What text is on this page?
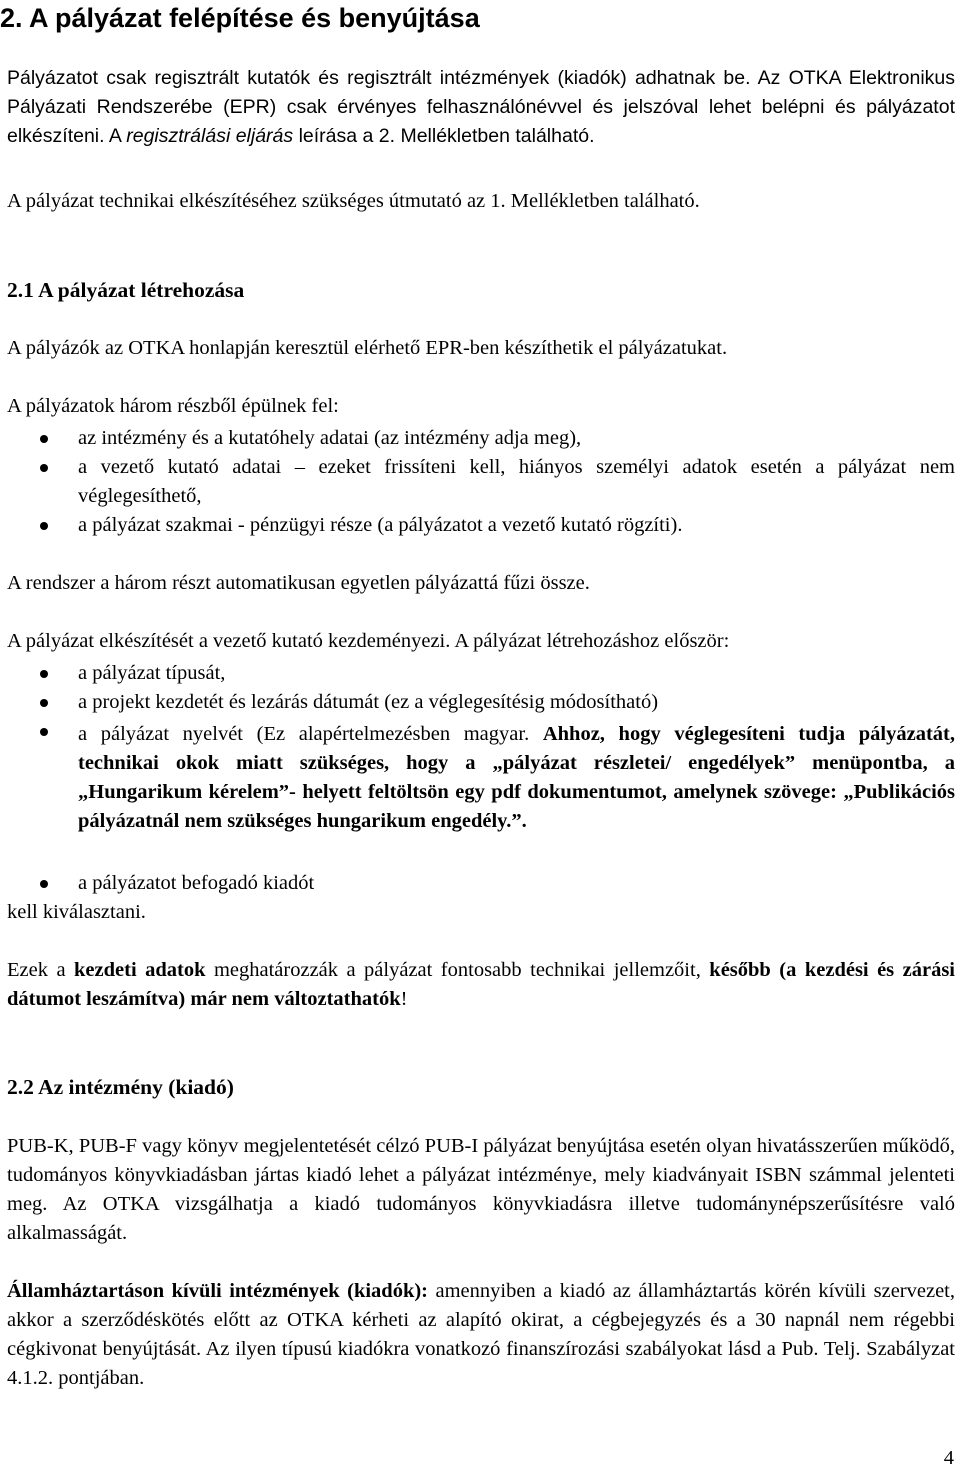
2. A pályázat felépítése és benyújtása

Pályázatot csak regisztrált kutatók és regisztrált intézmények (kiadók) adhatnak be. Az OTKA Elektronikus Pályázati Rendszerébe (EPR) csak érvényes felhasználónévvel és jelszóval lehet belépni és pályázatot elkészíteni. A regisztrálási eljárás leírása a 2. Mellékletben található.

A pályázat technikai elkészítéséhez szükséges útmutató az 1. Mellékletben található.

2.1 A pályázat létrehozása

A pályázók az OTKA honlapján keresztül elérhető EPR-ben készíthetik el pályázatukat.

A pályázatok három részből épülnek fel:

az intézmény és a kutatóhely adatai (az intézmény adja meg),

a vezető kutató adatai – ezeket frissíteni kell, hiányos személyi adatok esetén a pályázat nem véglegesíthető,

a pályázat szakmai - pénzügyi része (a pályázatot a vezető kutató rögzíti).

A rendszer a három részt automatikusan egyetlen pályázattá fűzi össze.

A pályázat elkészítését a vezető kutató kezdeményezi. A pályázat létrehozáshoz először:

a pályázat típusát,

a projekt kezdetét és lezárás dátumát (ez a véglegesítésig módosítható)

a pályázat nyelvét (Ez alapértelmezésben magyar. Ahhoz, hogy véglegesíteni tudja pályázatát, technikai okok miatt szükséges, hogy a „pályázat részletei/ engedélyek” menüpontba, a „Hungarikum kérelem”- helyett feltöltsön egy pdf dokumentumot, amelynek szövege: „Publikációs pályázatnál nem szükséges hungarikum engedély.”.

a pályázatot befogadó kiadót

kell kiválasztani.

Ezek a kezdeti adatok meghatározzák a pályázat fontosabb technikai jellemzőit, később (a kezdési és zárási dátumot leszámítva) már nem változtathatók!

2.2 Az intézmény (kiadó)

PUB-K, PUB-F vagy könyv megjelentetését célzó PUB-I pályázat benyújtása esetén olyan hivatásszerűen működő, tudományos könyvkiadásban jártas kiadó lehet a pályázat intézménye, mely kiadványait ISBN számmal jelenteti meg. Az OTKA vizsgálhatja a kiadó tudományos könyvkiadásra illetve tudománynépszerűsítésre való alkalmasságát.

Államháztartáson kívüli intézmények (kiadók): amennyiben a kiadó az államháztartás körén kívüli szervezet, akkor a szerződéskötés előtt az OTKA kérheti az alapító okirat, a cégbejegyzés és a 30 napnál nem régebbi cégkivonat benyújtását. Az ilyen típusú kiadókra vonatkozó finanszírozási szabályokat lásd a Pub. Telj. Szabályzat 4.1.2. pontjában.

4
